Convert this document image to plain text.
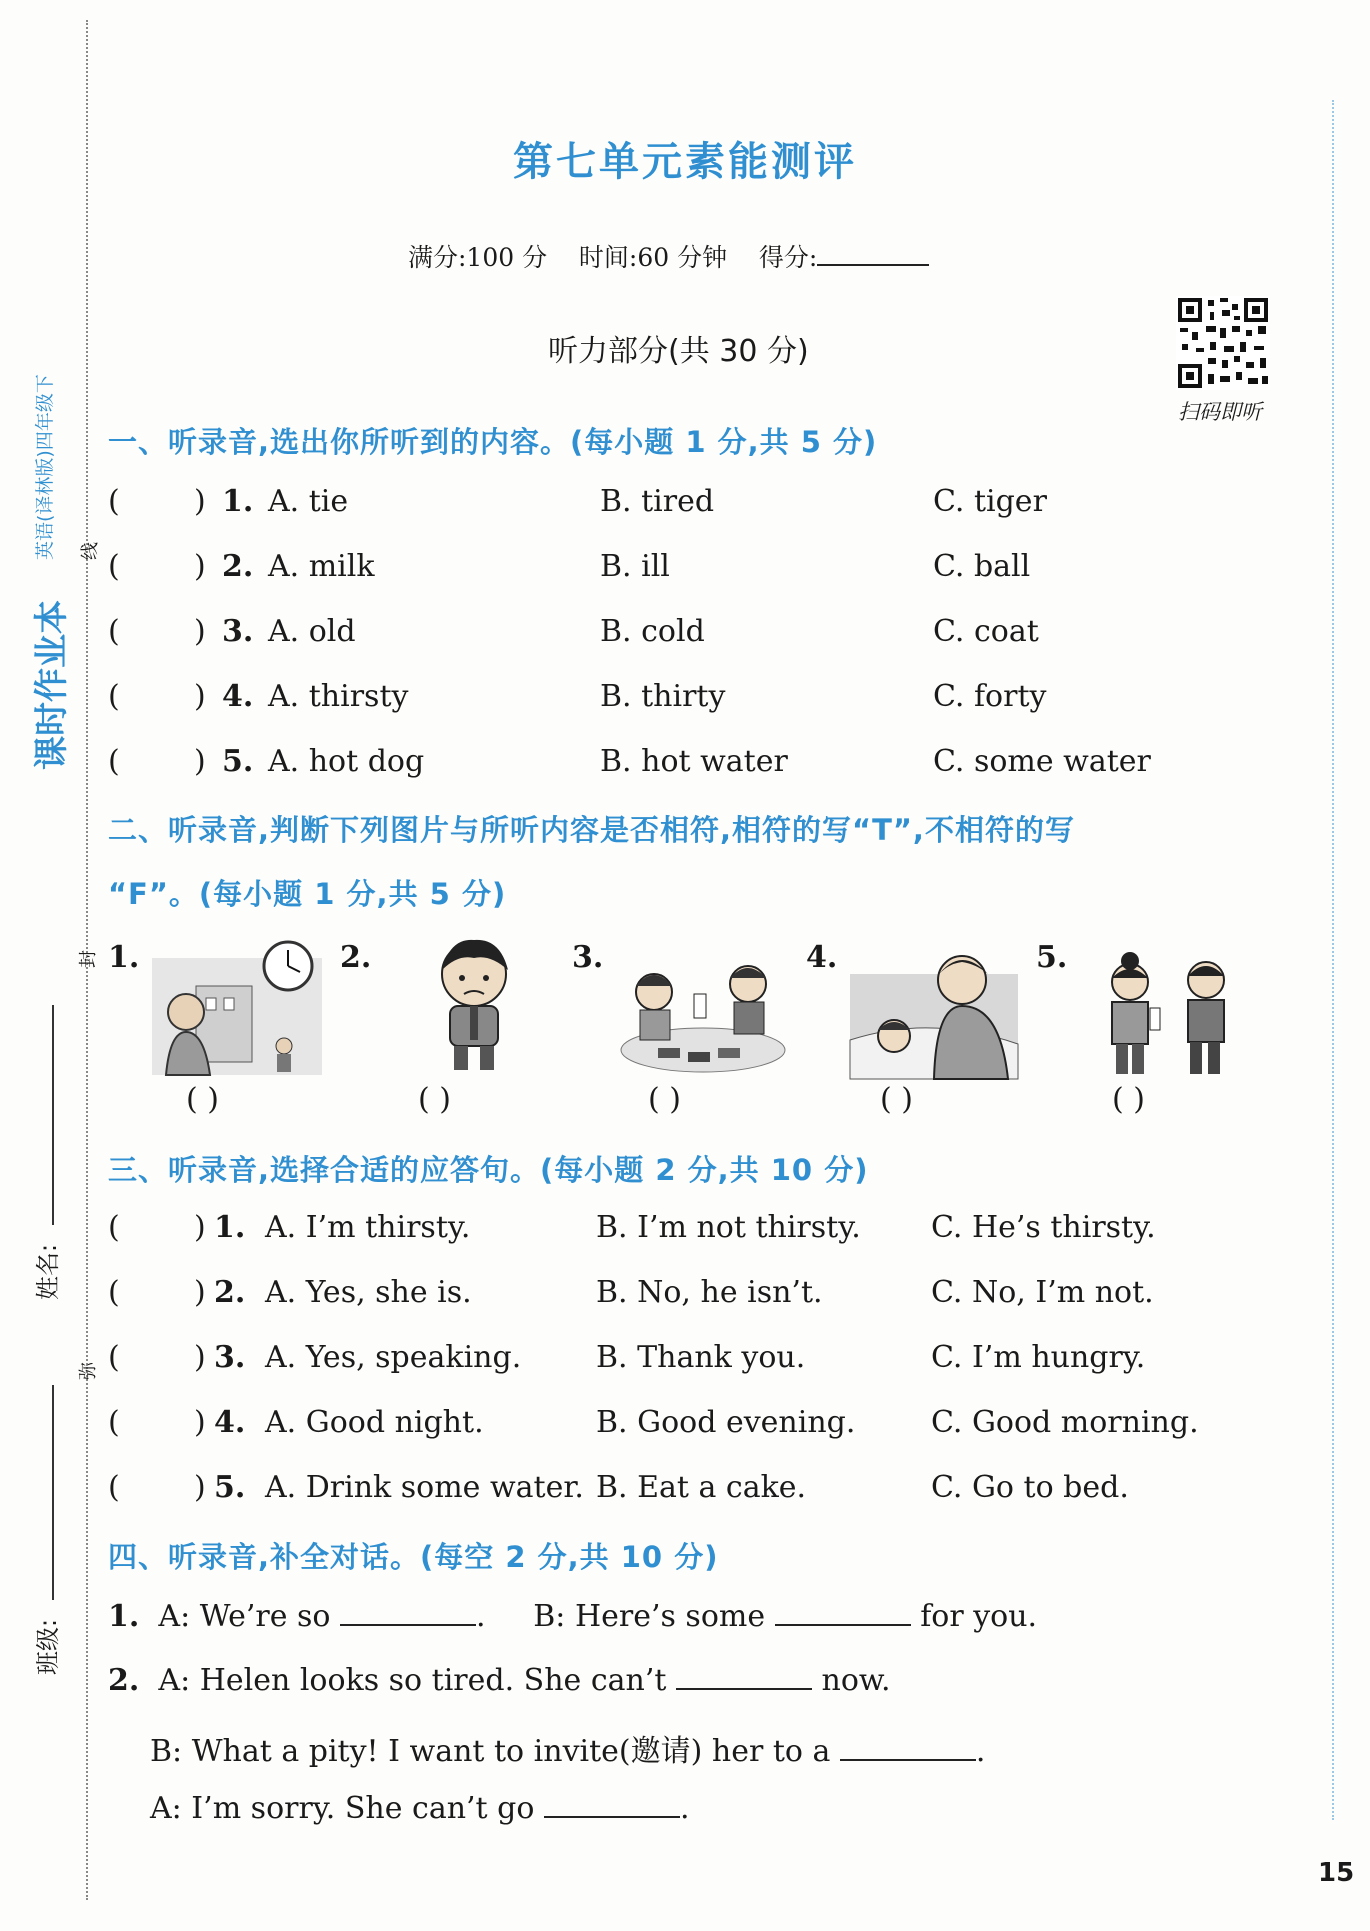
课时作业本
英语(译林版)四年级下 线
封
弥
姓名:
班级:
第七单元素能测评
满分:100 分 时间:60 分钟 得分:
听力部分(共 30 分)
扫码即听
一、听录音,选出你所听到的内容。(每小题 1 分,共 5 分)
( ) 1. A. tie	B. tired	C. tiger
( ) 2. A. milk	B. ill	C. ball
( ) 3. A. old	B. cold	C. coat
( ) 4. A. thirsty	B. thirty	C. forty
( ) 5. A. hot dog	B. hot water	C. some water
二、听录音,判断下列图片与所听内容是否相符,相符的写“T”,不相符的写
“F”。(每小题 1 分,共 5 分)
1.	2.	3.	4.	5.
( )	( )	( )	( )	( )
三、听录音,选择合适的应答句。(每小题 2 分,共 10 分)
( ) 1. A. I’m thirsty.	B. I’m not thirsty. C. He’s thirsty.
( ) 2. A. Yes, she is.	B. No, he isn’t.	C. No, I’m not.
( ) 3. A. Yes, speaking. B. Thank you.	C. I’m hungry.
( ) 4. A. Good night.	B. Good evening.	C. Good morning.
( ) 5. A. Drink some water. B. Eat a cake.	C. Go to bed.
四、听录音,补全对话。(每空 2 分,共 10 分)
1. A: We’re so	. B: Here’s some	for you.
2. A: Helen looks so tired. She can’t	now.
B: What a pity! I want to invite(邀请) her to a	.
A: I’m sorry. She can’t go	.
15
